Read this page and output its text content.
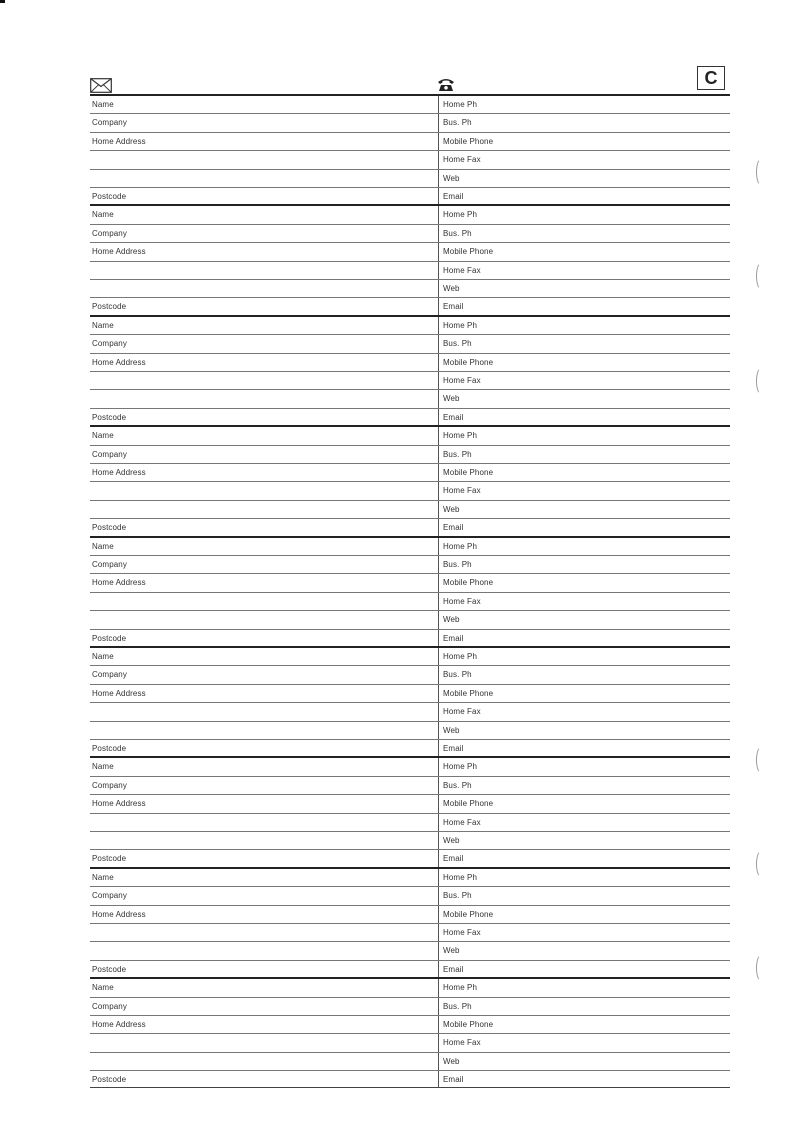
C
Name
Company
Home Address
Postcode
Home Ph
Bus. Ph
Mobile Phone
Home Fax
Web
Email
Name
Company
Home Address
Postcode
Home Ph
Bus. Ph
Mobile Phone
Home Fax
Web
Email
Name
Company
Home Address
Postcode
Home Ph
Bus. Ph
Mobile Phone
Home Fax
Web
Email
Name
Company
Home Address
Postcode
Home Ph
Bus. Ph
Mobile Phone
Home Fax
Web
Email
Name
Company
Home Address
Postcode
Home Ph
Bus. Ph
Mobile Phone
Home Fax
Web
Email
Name
Company
Home Address
Postcode
Home Ph
Bus. Ph
Mobile Phone
Home Fax
Web
Email
Name
Company
Home Address
Postcode
Home Ph
Bus. Ph
Mobile Phone
Home Fax
Web
Email
Name
Company
Home Address
Postcode
Home Ph
Bus. Ph
Mobile Phone
Home Fax
Web
Email
Name
Company
Home Address
Postcode
Home Ph
Bus. Ph
Mobile Phone
Home Fax
Web
Email
